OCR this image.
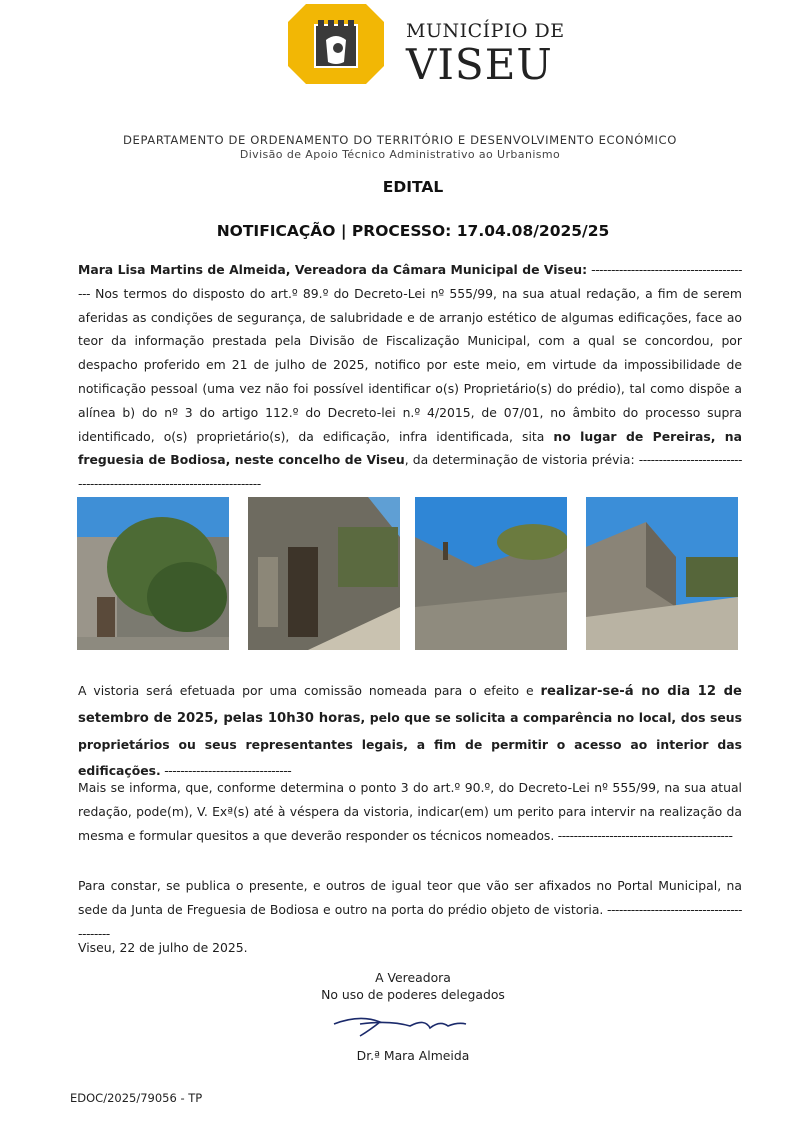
MUNICÍPIO DE
VISEU
DEPARTAMENTO DE ORDENAMENTO DO TERRITÓRIO E DESENVOLVIMENTO ECONÓMICO
Divisão de Apoio Técnico Administrativo ao Urbanismo
EDITAL
NOTIFICAÇÃO | PROCESSO: 17.04.08/2025/25
Mara Lisa Martins de Almeida, Vereadora da Câmara Municipal de Viseu: ----------------------------------------- Nos termos do disposto do art.º 89.º do Decreto-Lei nº 555/99, na sua atual redação, a fim de serem aferidas as condições de segurança, de salubridade e de arranjo estético de algumas edificações, face ao teor da informação prestada pela Divisão de Fiscalização Municipal, com a qual se concordou, por despacho proferido em 21 de julho de 2025, notifico por este meio, em virtude da impossibilidade de notificação pessoal (uma vez não foi possível identificar o(s) Proprietário(s) do prédio), tal como dispõe a alínea b) do nº 3 do artigo 112.º do Decreto-lei n.º 4/2015, de 07/01, no âmbito do processo supra identificado, o(s) proprietário(s), da edificação, infra identificada, sita no lugar de Pereiras, na freguesia de Bodiosa, neste concelho de Viseu, da determinação de vistoria prévia: ------------------------------------------------------------------------
A vistoria será efetuada por uma comissão nomeada para o efeito e realizar-se-á no dia 12 de setembro de 2025, pelas 10h30 horas, pelo que se solicita a comparência no local, dos seus proprietários ou seus representantes legais, a fim de permitir o acesso ao interior das edificações. --------------------------------
Mais se informa, que, conforme determina o ponto 3 do art.º 90.º, do Decreto-Lei nº 555/99, na sua atual redação, pode(m), V. Exª(s) até à véspera da vistoria, indicar(em) um perito para intervir na realização da mesma e formular quesitos a que deverão responder os técnicos nomeados. --------------------------------------------
Para constar, se publica o presente, e outros de igual teor que vão ser afixados no Portal Municipal, na sede da Junta de Freguesia de Bodiosa e outro na porta do prédio objeto de vistoria. ------------------------------------------
Viseu, 22 de julho de 2025.
A Vereadora
No uso de poderes delegados
Dr.ª Mara Almeida
EDOC/2025/79056 - TP
